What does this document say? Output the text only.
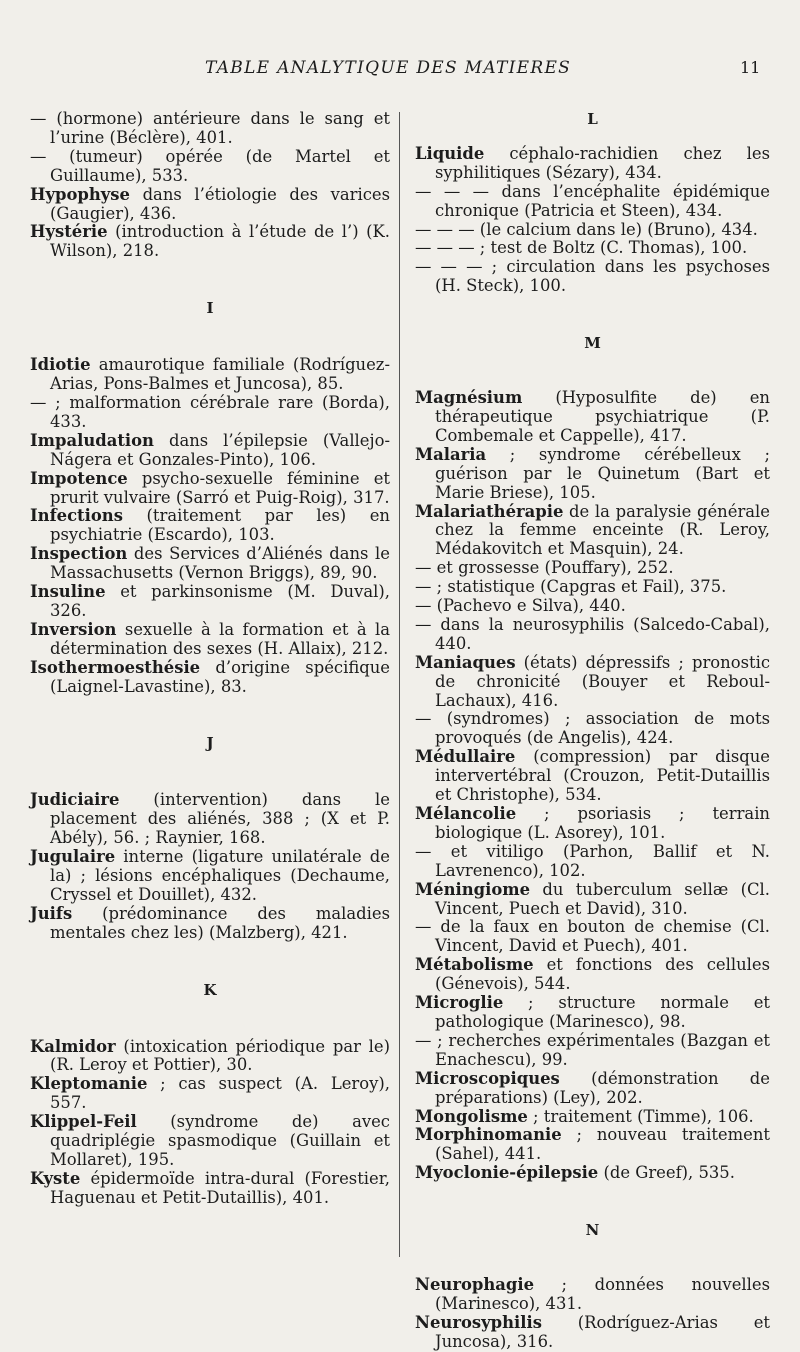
TABLE ANALYTIQUE DES MATIERES	11

— (hormone) antérieure dans le sang et l’urine (Béclère), 401.

— (tumeur) opérée (de Martel et Guillaume), 533.

Hypophyse dans l’étiologie des varices (Gaugier), 436.

Hystérie (introduction à l’étude de l’) (K. Wilson), 218.

I

Idiotie amaurotique familiale (Rodríguez-Arias, Pons-Balmes et Juncosa), 85.

— ; malformation cérébrale rare (Borda), 433.

Impaludation dans l’épilepsie (Vallejo-Nágera et Gonzales-Pinto), 106.

Impotence psycho-sexuelle féminine et prurit vulvaire (Sarró et Puig-Roig), 317.

Infections (traitement par les) en psychiatrie (Escardo), 103.

Inspection des Services d’Aliénés dans le Massachusetts (Vernon Briggs), 89, 90.

Insuline et parkinsonisme (M. Duval), 326.

Inversion sexuelle à la formation et à la détermination des sexes (H. Allaix), 212.

Isothermoesthésie d’origine spécifique (Laignel-Lavastine), 83.

J

Judiciaire (intervention) dans le placement des aliénés, 388 ; (X et P. Abély), 56. ; Raynier, 168.

Jugulaire interne (ligature unilatérale de la) ; lésions encéphaliques (Dechaume, Cryssel et Douillet), 432.

Juifs (prédominance des maladies mentales chez les) (Malzberg), 421.

K

Kalmidor (intoxication périodique par le) (R. Leroy et Pottier), 30.

Kleptomanie ; cas suspect (A. Leroy), 557.

Klippel-Feil (syndrome de) avec quadriplégie spasmodique (Guillain et Mollaret), 195.

Kyste épidermoïde intra-dural (Forestier, Haguenau et Petit-Dutaillis), 401.

L

Liquide céphalo-rachidien chez les syphilitiques (Sézary), 434.

— — — dans l’encéphalite épidémique chronique (Patricia et Steen), 434.

— — — (le calcium dans le) (Bruno), 434.

— — — ; test de Boltz (C. Thomas), 100.

— — — ; circulation dans les psychoses (H. Steck), 100.

M

Magnésium (Hyposulfite de) en thérapeutique psychiatrique (P. Combemale et Cappelle), 417.

Malaria ; syndrome cérébelleux ; guérison par le Quinetum (Bart et Marie Briese), 105.

Malariathérapie de la paralysie générale chez la femme enceinte (R. Leroy, Médakovitch et Masquin), 24.

— et grossesse (Pouffary), 252.

— ; statistique (Capgras et Fail), 375.

— (Pachevo e Silva), 440.

— dans la neurosyphilis (Salcedo-Cabal), 440.

Maniaques (états) dépressifs ; pronostic de chronicité (Bouyer et Reboul-Lachaux), 416.

— (syndromes) ; association de mots provoqués (de Angelis), 424.

Médullaire (compression) par disque intervertébral (Crouzon, Petit-Dutaillis et Christophe), 534.

Mélancolie ; psoriasis ; terrain biologique (L. Asorey), 101.

— et vitiligo (Parhon, Ballif et N. Lavrenenco), 102.

Méningiome du tuberculum sellæ (Cl. Vincent, Puech et David), 310.

— de la faux en bouton de chemise (Cl. Vincent, David et Puech), 401.

Métabolisme et fonctions des cellules (Génevois), 544.

Microglie ; structure normale et pathologique (Marinesco), 98.

— ; recherches expérimentales (Bazgan et Enachescu), 99.

Microscopiques (démonstration de préparations) (Ley), 202.

Mongolisme ; traitement (Timme), 106.

Morphinomanie ; nouveau traitement (Sahel), 441.

Myoclonie-épilepsie (de Greef), 535.

N

Neurophagie ; données nouvelles (Marinesco), 431.

Neurosyphilis (Rodríguez-Arias et Juncosa), 316.
